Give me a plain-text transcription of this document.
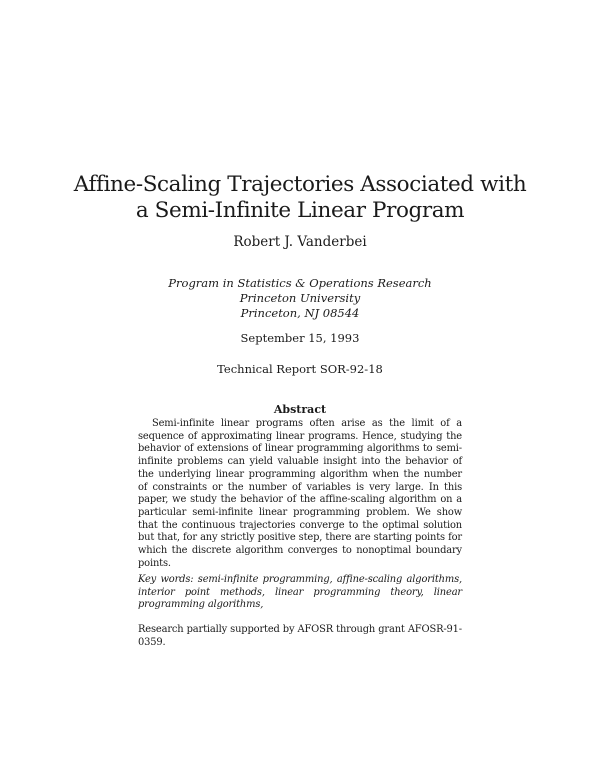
Affine-Scaling Trajectories Associated with
a Semi-Infinite Linear Program
Robert J. Vanderbei
Program in Statistics & Operations Research
Princeton University
Princeton, NJ 08544
September 15, 1993
Technical Report SOR-92-18
Abstract

Semi-infinite linear programs often arise as the limit of a sequence of approximating linear programs. Hence, studying the behavior of extensions of linear programming algorithms to semi-infinite problems can yield valuable insight into the behavior of the underlying linear programming algorithm when the number of constraints or the number of variables is very large. In this paper, we study the behavior of the affine-scaling algorithm on a particular semi-infinite linear programming problem. We show that the continuous trajectories converge to the optimal solution but that, for any strictly positive step, there are starting points for which the discrete algorithm converges to nonoptimal boundary points.

Key words: semi-infinite programming, affine-scaling algorithms, interior point methods, linear programming theory, linear programming algorithms,

Research partially supported by AFOSR through grant AFOSR-91-0359.
